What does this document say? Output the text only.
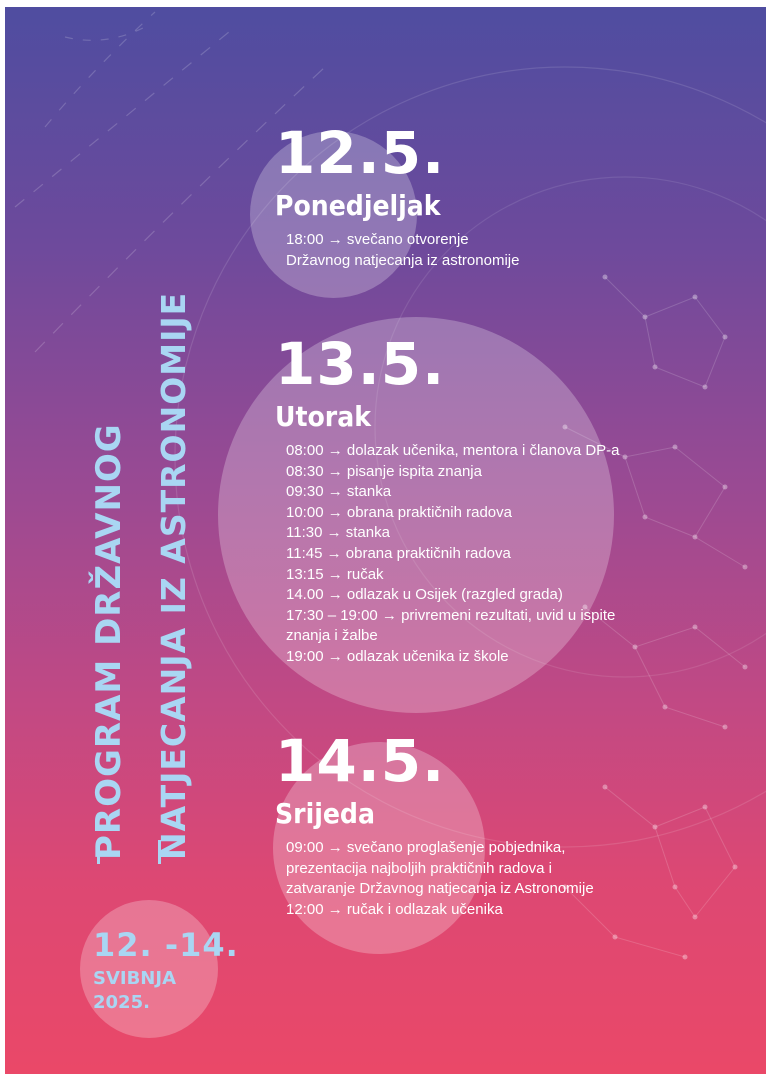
PROGRAM DRŽAVNOG NATJECANJA IZ ASTRONOMIJE
12.5.
Ponedjeljak
18:00 → svečano otvorenje
Državnog natjecanja iz astronomije
13.5.
Utorak
08:00 → dolazak učenika, mentora i članova DP-a
08:30 → pisanje ispita znanja
09:30 → stanka
10:00 → obrana praktičnih radova
11:30 → stanka
11:45 → obrana praktičnih radova
13:15 → ručak
14.00 → odlazak u Osijek (razgled grada)
17:30 – 19:00 → privremeni rezultati, uvid u ispite
znanja i žalbe
19:00 → odlazak učenika iz škole
14.5.
Srijeda
09:00 → svečano proglašenje pobjednika,
prezentacija najboljih praktičnih radova i
zatvaranje Državnog natjecanja iz Astronomije
12:00 → ručak i odlazak učenika
12. -14.
SVIBNJA
2025.
